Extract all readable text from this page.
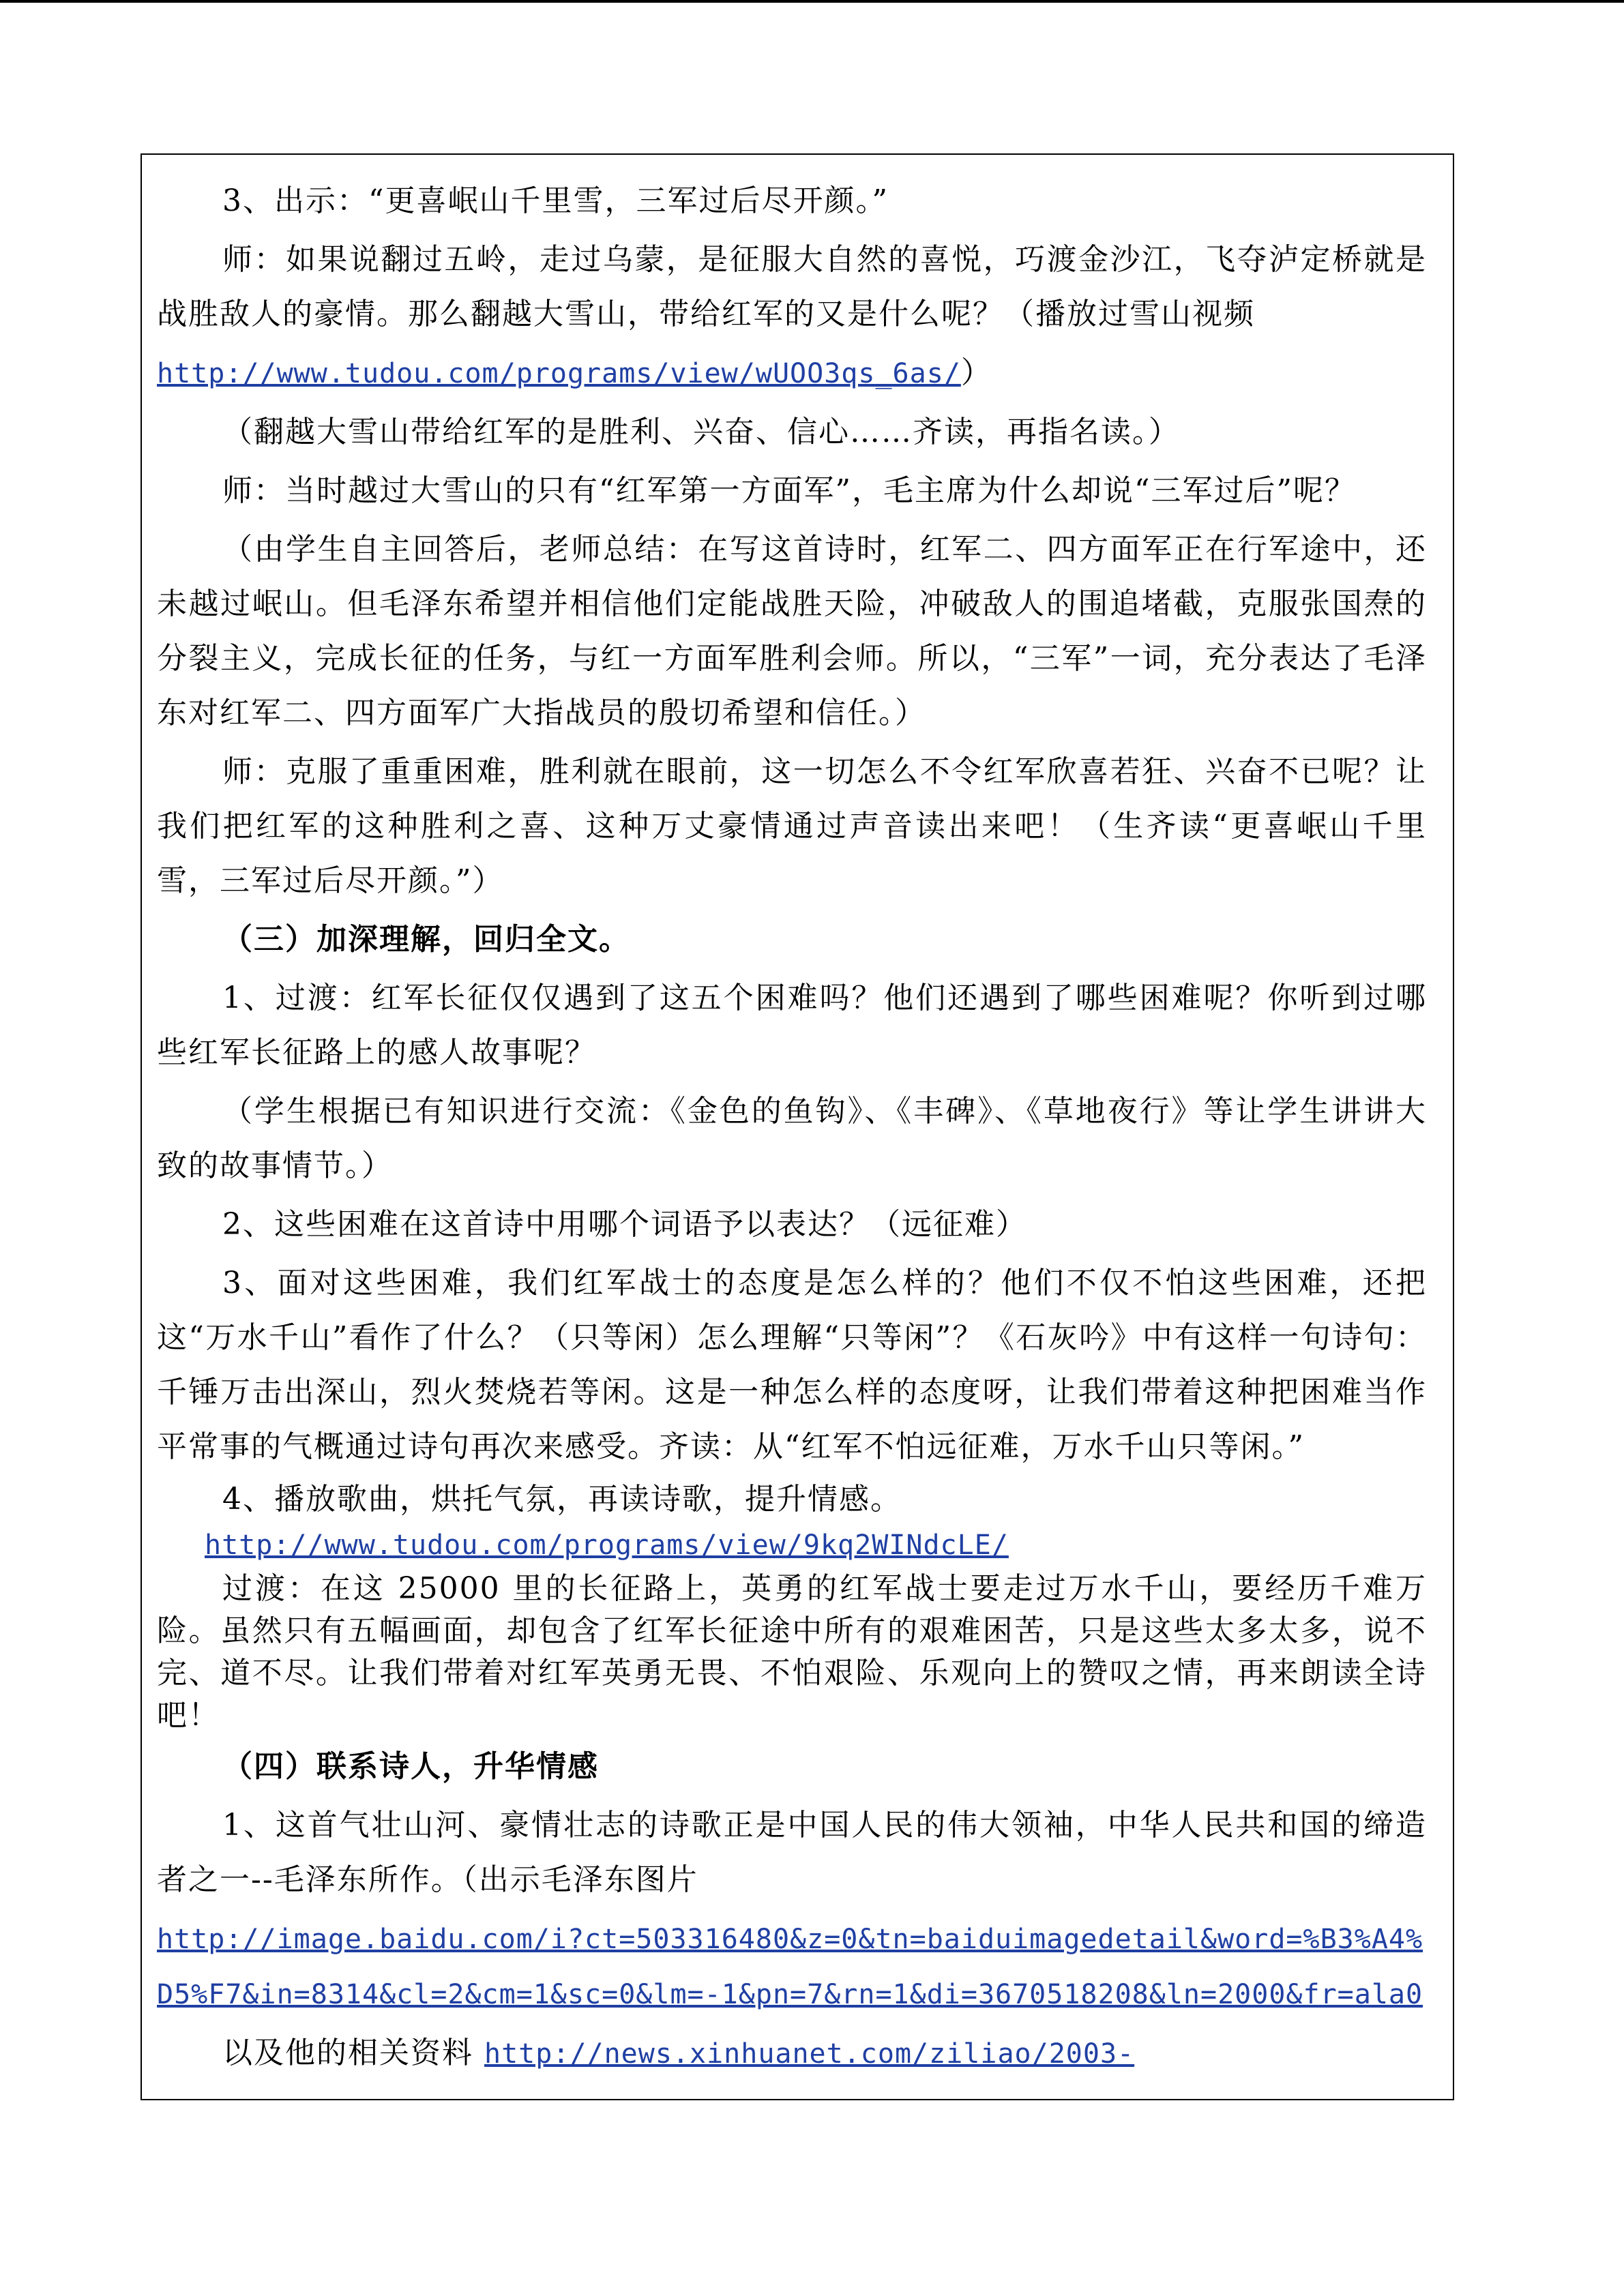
3、出示：“更喜岷山千里雪，三军过后尽开颜。”

师：如果说翻过五岭，走过乌蒙，是征服大自然的喜悦，巧渡金沙江，飞夺泸定桥就是战胜敌人的豪情。那么翻越大雪山，带给红军的又是什么呢？（播放过雪山视频

http://www.tudou.com/programs/view/wUOO3qs_6as/）

（翻越大雪山带给红军的是胜利、兴奋、信心……齐读，再指名读。）

师：当时越过大雪山的只有“红军第一方面军”，毛主席为什么却说“三军过后”呢？

（由学生自主回答后，老师总结：在写这首诗时，红军二、四方面军正在行军途中，还未越过岷山。但毛泽东希望并相信他们定能战胜天险，冲破敌人的围追堵截，克服张国焘的分裂主义，完成长征的任务，与红一方面军胜利会师。所以，“三军”一词，充分表达了毛泽东对红军二、四方面军广大指战员的殷切希望和信任。）

师：克服了重重困难，胜利就在眼前，这一切怎么不令红军欣喜若狂、兴奋不已呢？让我们把红军的这种胜利之喜、这种万丈豪情通过声音读出来吧！（生齐读“更喜岷山千里雪，三军过后尽开颜。”）

（三）加深理解，回归全文。

1、过渡：红军长征仅仅遇到了这五个困难吗？他们还遇到了哪些困难呢？你听到过哪些红军长征路上的感人故事呢？

（学生根据已有知识进行交流：《金色的鱼钩》、《丰碑》、《草地夜行》等让学生讲讲大致的故事情节。）

2、这些困难在这首诗中用哪个词语予以表达？（远征难）

3、面对这些困难，我们红军战士的态度是怎么样的？他们不仅不怕这些困难，还把这“万水千山”看作了什么？（只等闲）怎么理解“只等闲”？《石灰吟》中有这样一句诗句：千锤万击出深山，烈火焚烧若等闲。这是一种怎么样的态度呀，让我们带着这种把困难当作平常事的气概通过诗句再次来感受。齐读：从“红军不怕远征难，万水千山只等闲。”

4、播放歌曲，烘托气氛，再读诗歌，提升情感。

http://www.tudou.com/programs/view/9kq2WINdcLE/

过渡：在这 25000 里的长征路上，英勇的红军战士要走过万水千山，要经历千难万险。虽然只有五幅画面，却包含了红军长征途中所有的艰难困苦，只是这些太多太多，说不完、道不尽。让我们带着对红军英勇无畏、不怕艰险、乐观向上的赞叹之情，再来朗读全诗吧！

（四）联系诗人，升华情感

1、这首气壮山河、豪情壮志的诗歌正是中国人民的伟大领袖，中华人民共和国的缔造者之一--毛泽东所作。（出示毛泽东图片

http://image.baidu.com/i?ct=503316480&z=0&tn=baiduimagedetail&word=%B3%A4%D5%F7&in=8314&cl=2&cm=1&sc=0&lm=-1&pn=7&rn=1&di=3670518208&ln=2000&fr=ala0

以及他的相关资料 http://news.xinhuanet.com/ziliao/2003-
